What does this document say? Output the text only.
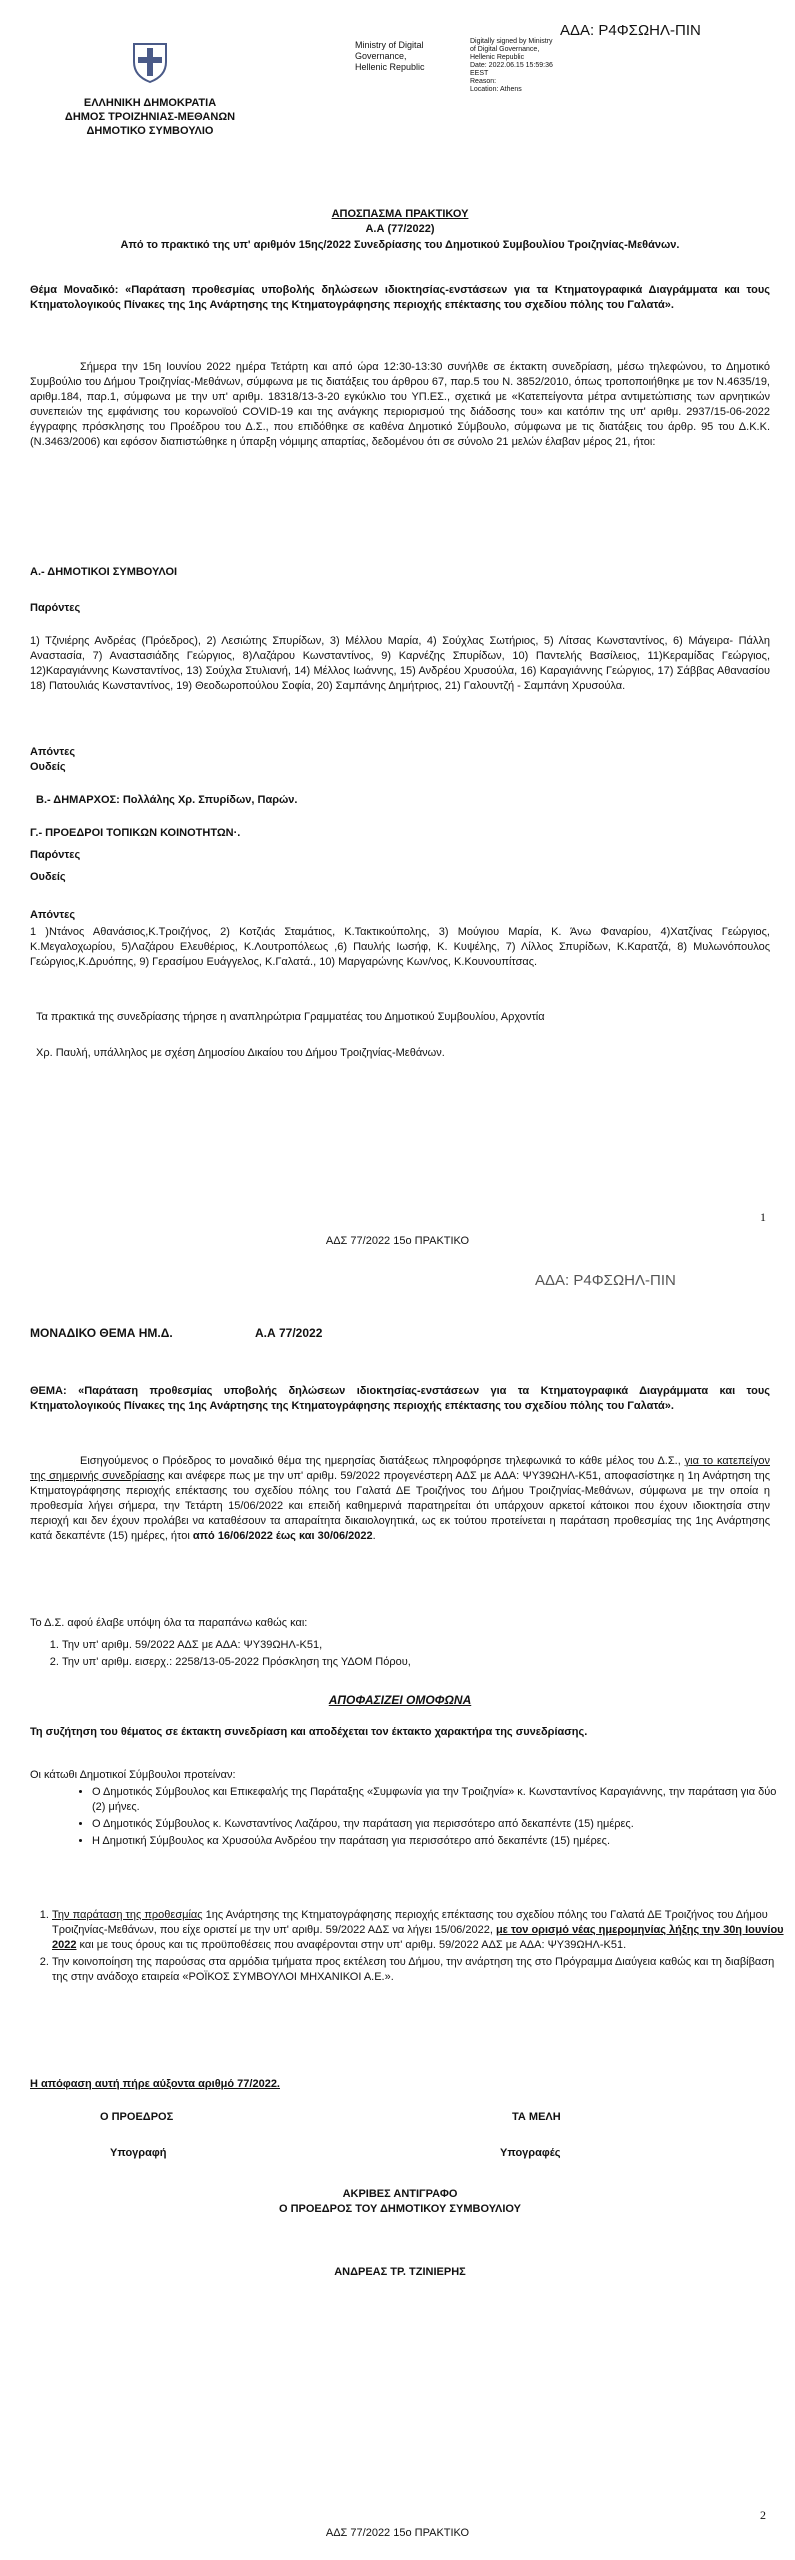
ΑΔΑ: Ρ4ΦΣΩΗΛ-ΠΙΝ
Ministry of Digital
Governance,
Hellenic Republic
Digitally signed by Ministry
of Digital Governance,
Hellenic Republic
Date: 2022.06.15 15:59:36
EEST
Reason:
Location: Athens
ΕΛΛΗΝΙΚΗ ΔΗΜΟΚΡΑΤΙΑ
ΔΗΜΟΣ ΤΡΟΙΖΗΝΙΑΣ-ΜΕΘΑΝΩΝ
ΔΗΜΟΤΙΚΟ ΣΥΜΒΟΥΛΙΟ
ΑΠΟΣΠΑΣΜΑ ΠΡΑΚΤΙΚΟΥ
Α.Α (77/2022)
Από το πρακτικό της υπ' αριθμόν 15ης/2022 Συνεδρίασης του Δημοτικού Συμβουλίου Τροιζηνίας-Μεθάνων.
Θέμα Μοναδικό: «Παράταση προθεσμίας υποβολής δηλώσεων ιδιοκτησίας-ενστάσεων για τα Κτηματογραφικά Διαγράμματα και τους Κτηματολογικούς Πίνακες της 1ης Ανάρτησης της Κτηματογράφησης περιοχής επέκτασης του σχεδίου πόλης του Γαλατά».
Σήμερα την 15η Ιουνίου 2022 ημέρα Τετάρτη και από ώρα 12:30-13:30 συνήλθε σε έκτακτη συνεδρίαση, μέσω τηλεφώνου, το Δημοτικό Συμβούλιο του Δήμου Τροιζηνίας-Μεθάνων, σύμφωνα με τις διατάξεις του άρθρου 67, παρ.5 του Ν. 3852/2010, όπως τροποποιήθηκε με τον Ν.4635/19, αριθμ.184, παρ.1, σύμφωνα με την υπ' αριθμ. 18318/13-3-20 εγκύκλιο του ΥΠ.ΕΣ., σχετικά με «Κατεπείγοντα μέτρα αντιμετώπισης των αρνητικών συνεπειών της εμφάνισης του κορωνοϊού COVID-19 και της ανάγκης περιορισμού της διάδοσης του» και κατόπιν της υπ' αριθμ. 2937/15-06-2022 έγγραφης πρόσκλησης του Προέδρου του Δ.Σ., που επιδόθηκε σε καθένα Δημοτικό Σύμβουλο, σύμφωνα με τις διατάξεις του άρθρ. 95 του Δ.Κ.Κ. (Ν.3463/2006) και εφόσον διαπιστώθηκε η ύπαρξη νόμιμης απαρτίας, δεδομένου ότι σε σύνολο 21 μελών έλαβαν μέρος 21, ήτοι:
Α.- ΔΗΜΟΤΙΚΟΙ ΣΥΜΒΟΥΛΟΙ
Παρόντες
1) Τζινιέρης Ανδρέας (Πρόεδρος), 2) Λεσιώτης Σπυρίδων, 3) Μέλλου Μαρία, 4) Σούχλας Σωτήριος, 5) Λίτσας Κωνσταντίνος, 6) Μάγειρα- Πάλλη Αναστασία, 7) Αναστασιάδης Γεώργιος, 8)Λαζάρου Κωνσταντίνος, 9) Καρνέζης Σπυρίδων, 10) Παντελής Βασίλειος, 11)Κεραμίδας Γεώργιος, 12)Καραγιάννης Κωνσταντίνος, 13) Σούχλα Στυλιανή, 14) Μέλλος Ιωάννης, 15) Ανδρέου Χρυσούλα, 16) Καραγιάννης Γεώργιος, 17) Σάββας Αθανασίου 18) Πατουλιάς Κωνσταντίνος, 19) Θεοδωροπούλου Σοφία, 20) Σαμπάνης Δημήτριος, 21) Γαλουντζή - Σαμπάνη Χρυσούλα.
Απόντες
Ουδείς
Β.- ΔΗΜΑΡΧΟΣ: Πολλάλης Χρ. Σπυρίδων, Παρών.
Γ.- ΠΡΟΕΔΡΟΙ ΤΟΠΙΚΩΝ ΚΟΙΝΟΤΗΤΩΝ·.
Παρόντες
Ουδείς
Απόντες
1 )Ντάνος Αθανάσιος,Κ.Τροιζήνος, 2) Κοτζιάς Σταμάτιος, Κ.Τακτικούπολης, 3) Μούγιου Μαρία, Κ. Άνω Φαναρίου, 4)Χατζίνας Γεώργιος, Κ.Μεγαλοχωρίου, 5)Λαζάρου Ελευθέριος, Κ.Λουτροπόλεως ,6) Παυλής Ιωσήφ, Κ. Κυψέλης, 7) Λίλλος Σπυρίδων, Κ.Καρατζά, 8) Μυλωνόπουλος Γεώργιος,Κ.Δρυόπης, 9) Γερασίμου Ευάγγελος, Κ.Γαλατά., 10) Μαργαρώνης Κων/νος, Κ.Κουνουπίτσας.
Τα πρακτικά της συνεδρίασης τήρησε η αναπληρώτρια Γραμματέας του Δημοτικού Συμβουλίου, Αρχοντία
Χρ. Παυλή, υπάλληλος με σχέση Δημοσίου Δικαίου του Δήμου Τροιζηνίας-Μεθάνων.
1
ΑΔΣ 77/2022 15ο ΠΡΑΚΤΙΚΟ
ΑΔΑ: Ρ4ΦΣΩΗΛ-ΠΙΝ
ΜΟΝΑΔΙΚΟ ΘΕΜΑ ΗΜ.Δ.	Α.Α 77/2022
ΘΕΜΑ: «Παράταση προθεσμίας υποβολής δηλώσεων ιδιοκτησίας-ενστάσεων για τα Κτηματογραφικά Διαγράμματα και τους Κτηματολογικούς Πίνακες της 1ης Ανάρτησης της Κτηματογράφησης περιοχής επέκτασης του σχεδίου πόλης του Γαλατά».
Εισηγούμενος ο Πρόεδρος το μοναδικό θέμα της ημερησίας διατάξεως πληροφόρησε τηλεφωνικά το κάθε μέλος του Δ.Σ., για το κατεπείγον της σημερινής συνεδρίασης και ανέφερε πως με την υπ' αριθμ. 59/2022 προγενέστερη ΑΔΣ με ΑΔΑ: ΨΥ39ΩΗΛ-Κ51, αποφασίστηκε η 1η Ανάρτηση της Κτηματογράφησης περιοχής επέκτασης του σχεδίου πόλης του Γαλατά ΔΕ Τροιζήνος του Δήμου Τροιζηνίας-Μεθάνων, σύμφωνα με την οποία η προθεσμία λήγει σήμερα, την Τετάρτη 15/06/2022 και επειδή καθημερινά παρατηρείται ότι υπάρχουν αρκετοί κάτοικοι που έχουν ιδιοκτησία στην περιοχή και δεν έχουν προλάβει να καταθέσουν τα απαραίτητα δικαιολογητικά, ως εκ τούτου προτείνεται η παράταση προθεσμίας της 1ης Ανάρτησης κατά δεκαπέντε (15) ημέρες, ήτοι από 16/06/2022 έως και 30/06/2022.
Το Δ.Σ. αφού έλαβε υπόψη όλα τα παραπάνω καθώς και:
1. Την υπ' αριθμ. 59/2022 ΑΔΣ με ΑΔΑ: ΨΥ39ΩΗΛ-Κ51,
2. Την υπ' αριθμ. εισερχ.: 2258/13-05-2022 Πρόσκληση της ΥΔΟΜ Πόρου,
ΑΠΟΦΑΣΙΖΕΙ ΟΜΟΦΩΝΑ
Τη συζήτηση του θέματος σε έκτακτη συνεδρίαση και αποδέχεται τον έκτακτο χαρακτήρα της συνεδρίασης.
Οι κάτωθι Δημοτικοί Σύμβουλοι προτείναν:
• Ο Δημοτικός Σύμβουλος και Επικεφαλής της Παράταξης «Συμφωνία για την Τροιζηνία» κ. Κωνσταντίνος Καραγιάννης, την παράταση για δύο (2) μήνες.
• Ο Δημοτικός Σύμβουλος κ. Κωνσταντίνος Λαζάρου, την παράταση για περισσότερο από δεκαπέντε (15) ημέρες.
• Η Δημοτική Σύμβουλος κα Χρυσούλα Ανδρέου την παράταση για περισσότερο από δεκαπέντε (15) ημέρες.
1. Την παράταση της προθεσμίας 1ης Ανάρτησης της Κτηματογράφησης περιοχής επέκτασης του σχεδίου πόλης του Γαλατά ΔΕ Τροιζήνος του Δήμου Τροιζηνίας-Μεθάνων, που είχε οριστεί με την υπ' αριθμ. 59/2022 ΑΔΣ να λήγει 15/06/2022, με τον ορισμό νέας ημερομηνίας λήξης την 30η Ιουνίου 2022 και με τους όρους και τις προϋποθέσεις που αναφέρονται στην υπ' αριθμ. 59/2022 ΑΔΣ με ΑΔΑ: ΨΥ39ΩΗΛ-Κ51.
2. Την κοινοποίηση της παρούσας στα αρμόδια τμήματα προς εκτέλεση του Δήμου, την ανάρτηση της στο Πρόγραμμα Διαύγεια καθώς και τη διαβίβαση της στην ανάδοχο εταιρεία «ΡΟΪΚΟΣ ΣΥΜΒΟΥΛΟΙ ΜΗΧΑΝΙΚΟΙ Α.Ε.».
Η απόφαση αυτή πήρε αύξοντα αριθμό 77/2022.
Ο ΠΡΟΕΔΡΟΣ	ΤΑ ΜΕΛΗ
Υπογραφή	Υπογραφές
ΑΚΡΙΒΕΣ ΑΝΤΙΓΡΑΦΟ
Ο ΠΡΟΕΔΡΟΣ ΤΟΥ ΔΗΜΟΤΙΚΟΥ ΣΥΜΒΟΥΛΙΟΥ
ΑΝΔΡΕΑΣ ΤΡ. ΤΖΙΝΙΕΡΗΣ
2
ΑΔΣ 77/2022 15ο ΠΡΑΚΤΙΚΟ
